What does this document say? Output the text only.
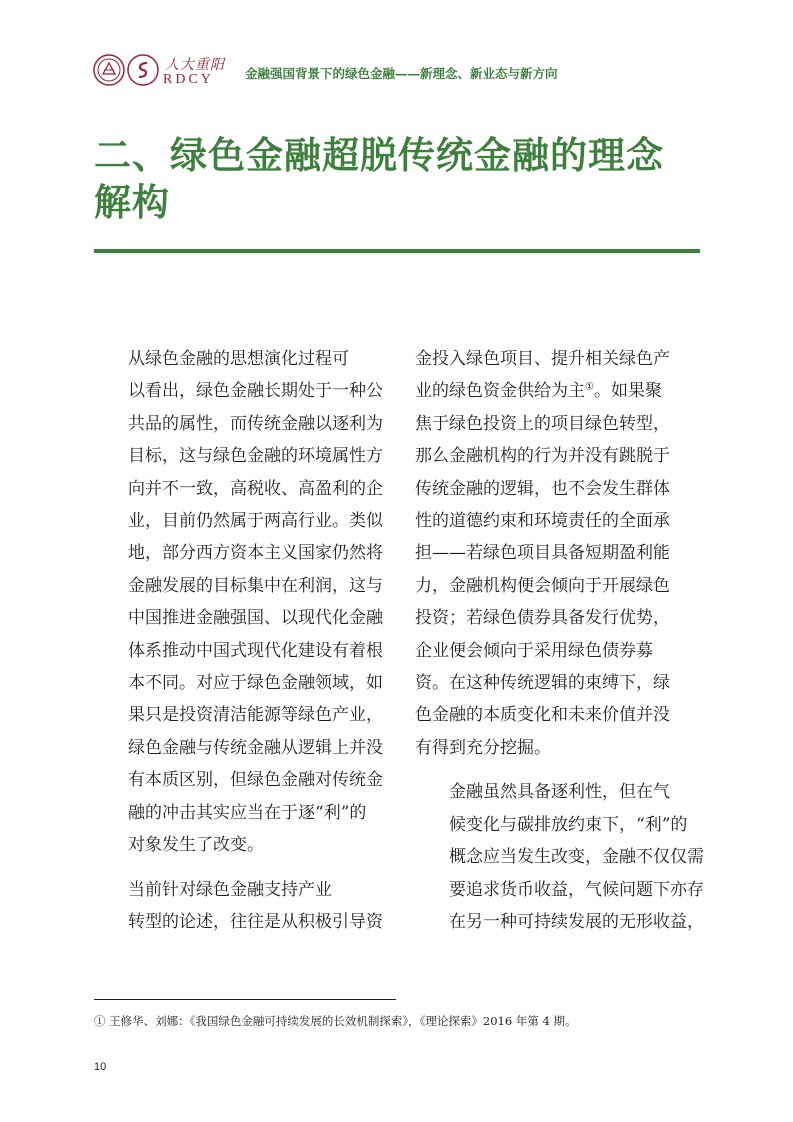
人大重阳
RDCY 金融强国背景下的绿色金融——新理念、新业态与新方向
二、绿色金融超脱传统金融的理念
解构

从绿色金融的思想演化过程可
以看出，绿色金融长期处于一种公
共品的属性，而传统金融以逐利为
目标，这与绿色金融的环境属性方
向并不一致，高税收、高盈利的企
业，目前仍然属于两高行业。类似
地，部分西方资本主义国家仍然将
金融发展的目标集中在利润，这与
中国推进金融强国、以现代化金融
体系推动中国式现代化建设有着根
本不同。对应于绿色金融领域，如
果只是投资清洁能源等绿色产业，
绿色金融与传统金融从逻辑上并没
有本质区别，但绿色金融对传统金
融的冲击其实应当在于逐“利”的
对象发生了改变。

当前针对绿色金融支持产业
转型的论述，往往是从积极引导资

金投入绿色项目、提升相关绿色产
业的绿色资金供给为主①。如果聚
焦于绿色投资上的项目绿色转型，
那么金融机构的行为并没有跳脱于
传统金融的逻辑，也不会发生群体
性的道德约束和环境责任的全面承
担——若绿色项目具备短期盈利能
力，金融机构便会倾向于开展绿色
投资；若绿色债券具备发行优势，
企业便会倾向于采用绿色债券募
资。在这种传统逻辑的束缚下，绿
色金融的本质变化和未来价值并没
有得到充分挖掘。

金融虽然具备逐利性，但在气
候变化与碳排放约束下，“利”的
概念应当发生改变，金融不仅仅需
要追求货币收益，气候问题下亦存
在另一种可持续发展的无形收益，

① 王修华、刘娜：《我国绿色金融可持续发展的长效机制探索》，《理论探索》2016 年第 4 期。
10
